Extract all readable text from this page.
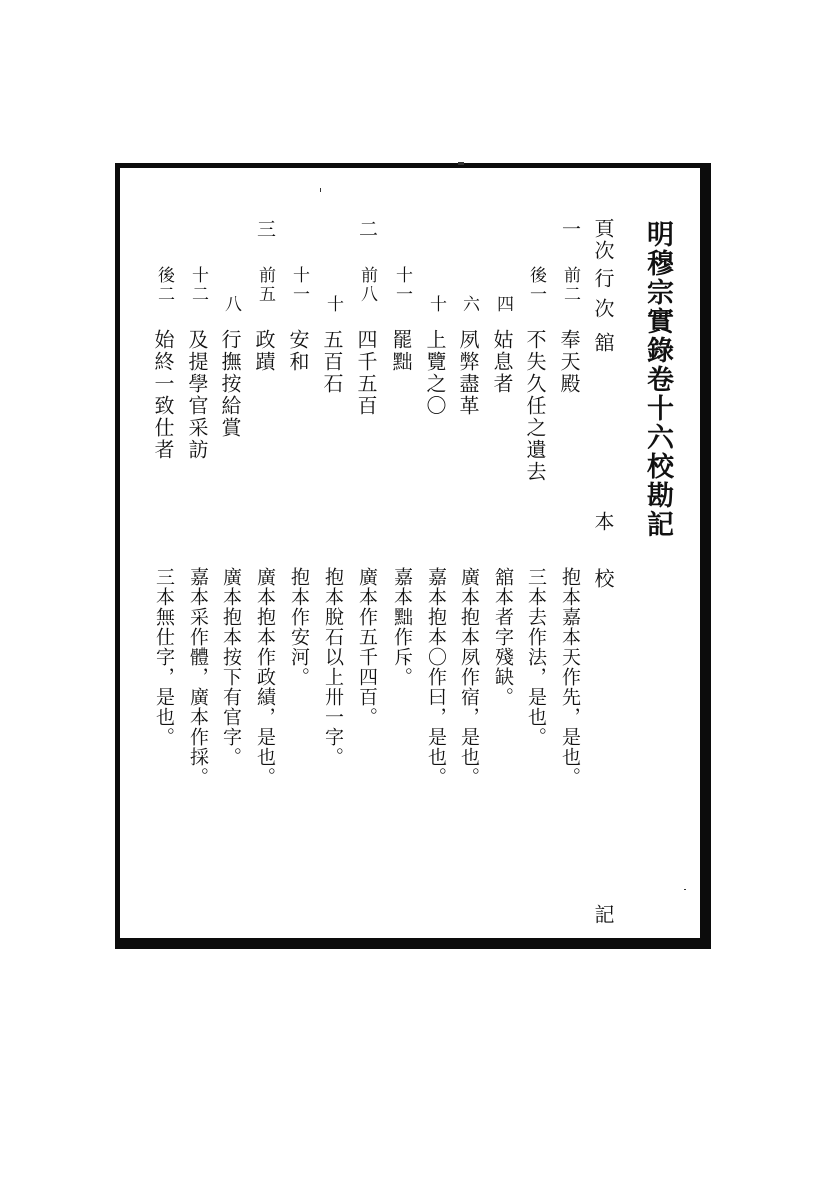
明穆宗實錄卷十六校勘記
頁次
行
次
舘
本
校
記
一
前二
奉天殿
抱本嘉本天作先，是也。
後一
不失久任之遺去
三本去作法，是也。
四
姑息者
舘本者字殘缺。
六
夙弊盡革
廣本抱本夙作宿，是也。
十
上覽之〇
嘉本抱本〇作曰，是也。
十一
罷黜
嘉本黜作斥。
二
前八
四千五百
廣本作五千四百。
十
五百石
抱本脫石以上卅一字。
十一
安和
抱本作安河。
三
前五
政蹟
廣本抱本作政績，是也。
八
行撫按給賞
廣本抱本按下有官字。
十二
及提學官采訪
嘉本采作體，廣本作採。
後二
始終一致仕者
三本無仕字，是也。
